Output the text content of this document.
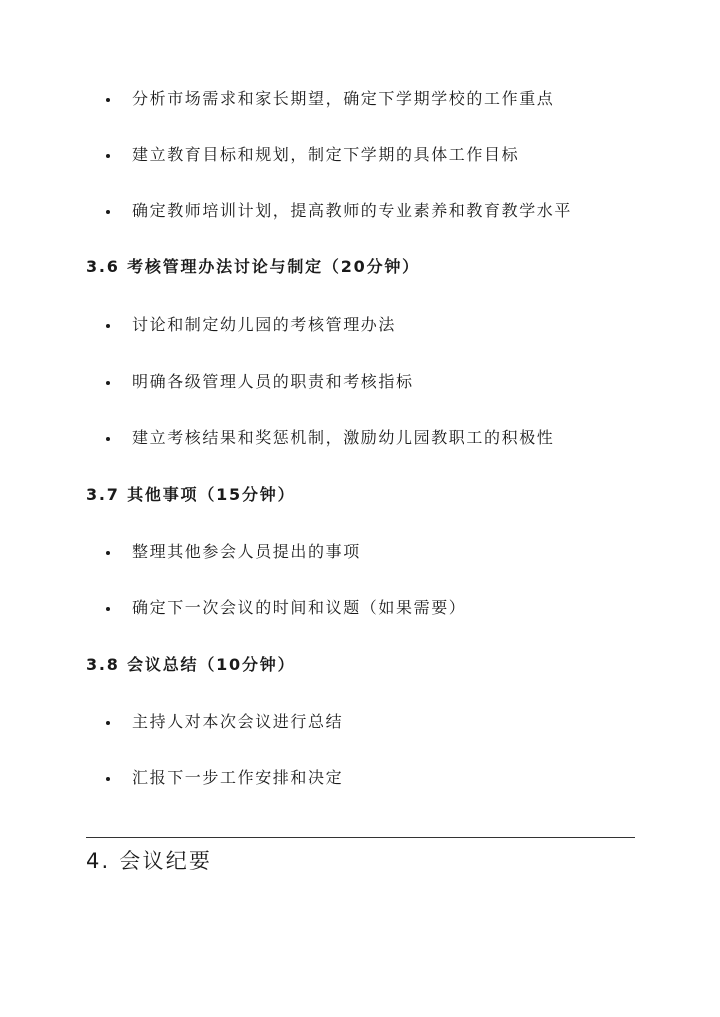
分析市场需求和家长期望，确定下学期学校的工作重点
建立教育目标和规划，制定下学期的具体工作目标
确定教师培训计划，提高教师的专业素养和教育教学水平
3.6 考核管理办法讨论与制定（20分钟）
讨论和制定幼儿园的考核管理办法
明确各级管理人员的职责和考核指标
建立考核结果和奖惩机制，激励幼儿园教职工的积极性
3.7 其他事项（15分钟）
整理其他参会人员提出的事项
确定下一次会议的时间和议题（如果需要）
3.8 会议总结（10分钟）
主持人对本次会议进行总结
汇报下一步工作安排和决定
4. 会议纪要
